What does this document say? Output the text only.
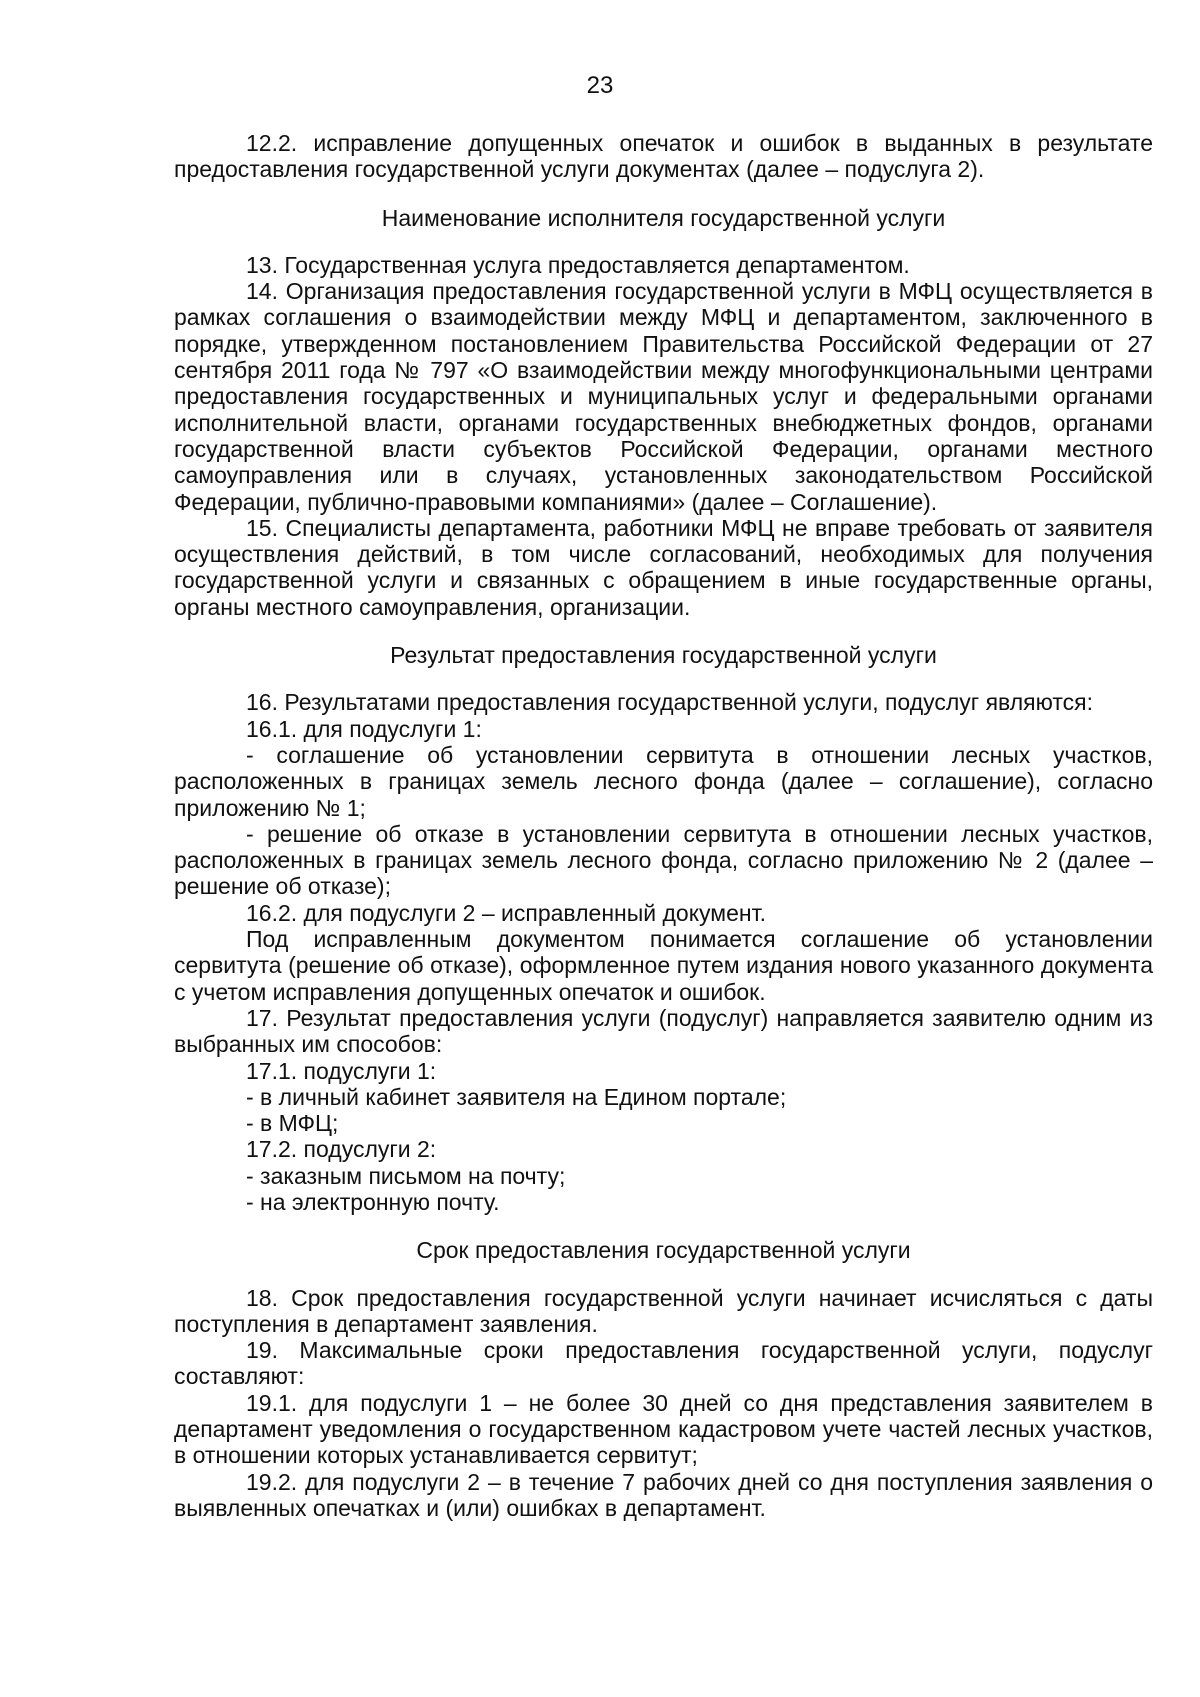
23

12.2. исправление допущенных опечаток и ошибок в выданных в результате предоставления государственной услуги документах (далее – подуслуга 2).

Наименование исполнителя государственной услуги

13. Государственная услуга предоставляется департаментом.

14. Организация предоставления государственной услуги в МФЦ осуществляется в рамках соглашения о взаимодействии между МФЦ и департаментом, заключенного в порядке, утвержденном постановлением Правительства Российской Федерации от 27 сентября 2011 года № 797 «О взаимодействии между многофункциональными центрами предоставления государственных и муниципальных услуг и федеральными органами исполнительной власти, органами государственных внебюджетных фондов, органами государственной власти субъектов Российской Федерации, органами местного самоуправления или в случаях, установленных законодательством Российской Федерации, публично-правовыми компаниями» (далее – Соглашение).

15. Специалисты департамента, работники МФЦ не вправе требовать от заявителя осуществления действий, в том числе согласований, необходимых для получения государственной услуги и связанных с обращением в иные государственные органы, органы местного самоуправления, организации.

Результат предоставления государственной услуги

16. Результатами предоставления государственной услуги, подуслуг являются:

16.1. для подуслуги 1:

- соглашение об установлении сервитута в отношении лесных участков, расположенных в границах земель лесного фонда (далее – соглашение), согласно приложению № 1;

- решение об отказе в установлении сервитута в отношении лесных участков, расположенных в границах земель лесного фонда, согласно приложению № 2 (далее – решение об отказе);

16.2. для подуслуги 2 – исправленный документ.

Под исправленным документом понимается соглашение об установлении сервитута (решение об отказе), оформленное путем издания нового указанного документа с учетом исправления допущенных опечаток и ошибок.

17. Результат предоставления услуги (подуслуг) направляется заявителю одним из выбранных им способов:

17.1. подуслуги 1:

- в личный кабинет заявителя на Едином портале;

- в МФЦ;

17.2. подуслуги 2:

- заказным письмом на почту;

- на электронную почту.

Срок предоставления государственной услуги

18. Срок предоставления государственной услуги начинает исчисляться с даты поступления в департамент заявления.

19. Максимальные сроки предоставления государственной услуги, подуслуг составляют:

19.1. для подуслуги 1 – не более 30 дней со дня представления заявителем в департамент уведомления о государственном кадастровом учете частей лесных участков, в отношении которых устанавливается сервитут;

19.2. для подуслуги 2 – в течение 7 рабочих дней со дня поступления заявления о выявленных опечатках и (или) ошибках в департамент.
